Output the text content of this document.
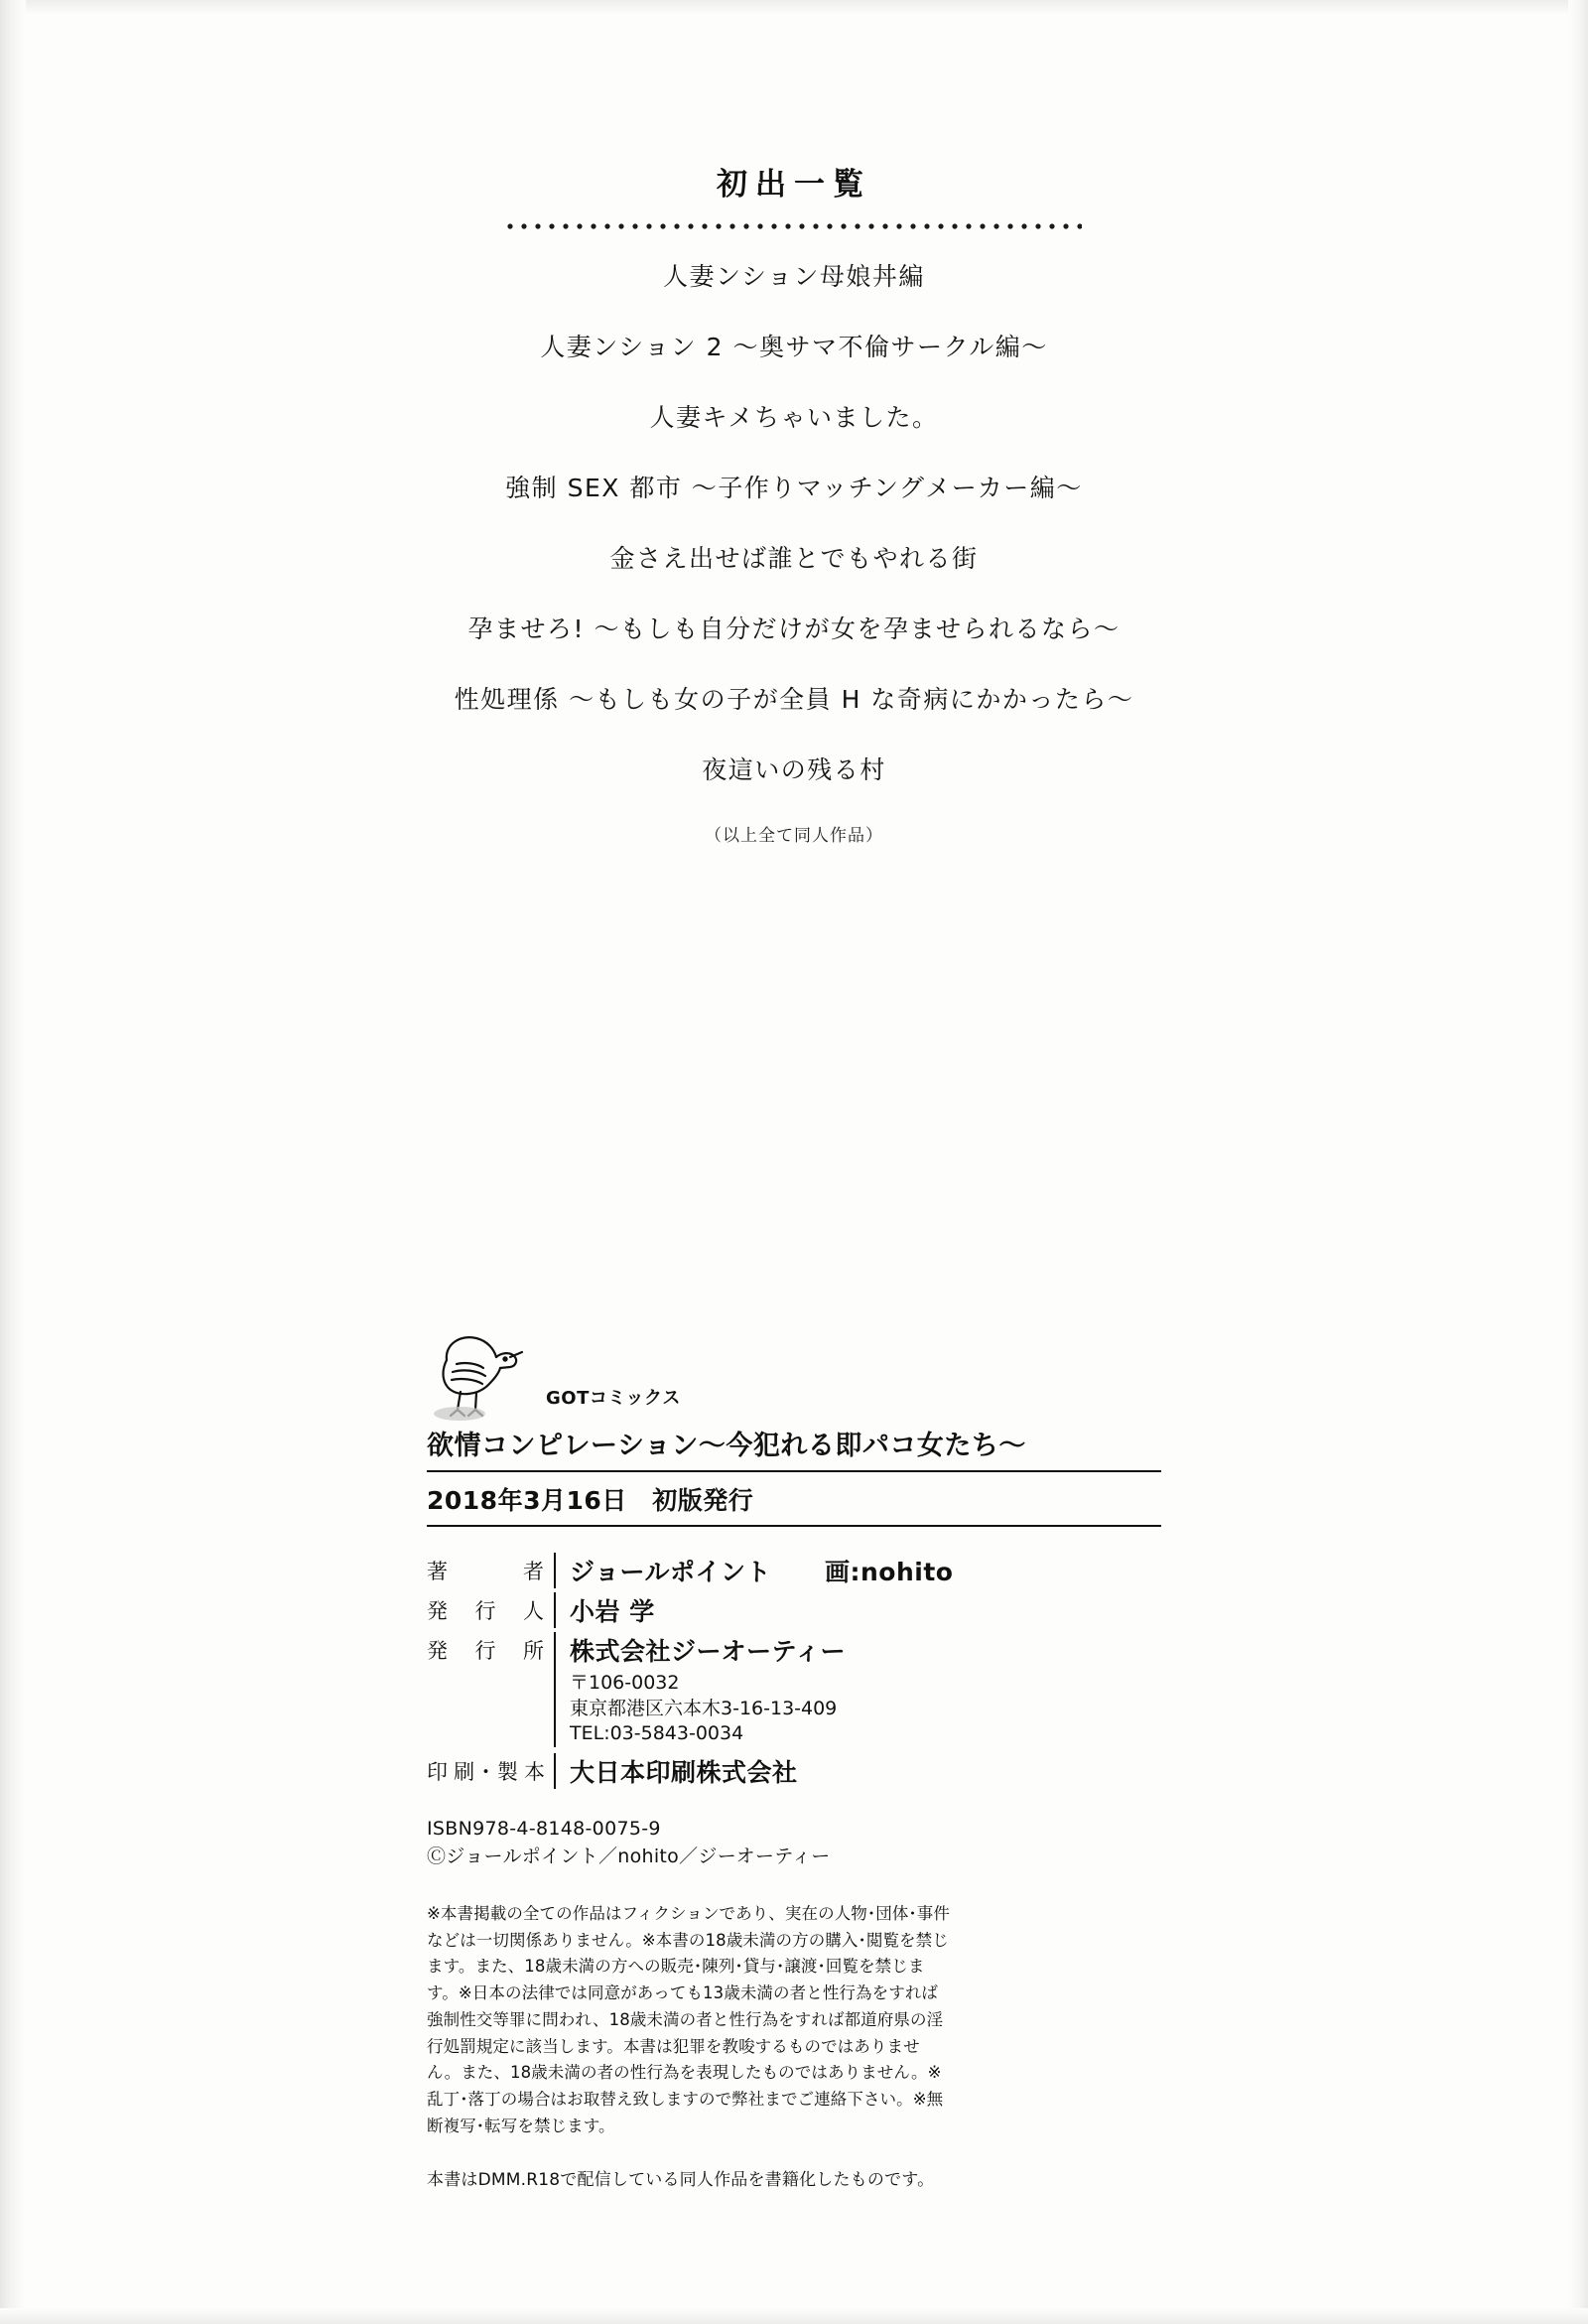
初出一覧

人妻ンション母娘丼編

人妻ンション 2 ～奥サマ不倫サークル編～

人妻キメちゃいました。

強制 SEX 都市 ～子作りマッチングメーカー編～

金さえ出せば誰とでもやれる街

孕ませろ! ～もしも自分だけが女を孕ませられるなら～

性処理係 ～もしも女の子が全員 H な奇病にかかったら～

夜這いの残る村

（以上全て同人作品）
GOTコミックス
欲情コンピレーション～今犯れる即パコ女たち～
2018年3月16日　初版発行
著　　者	ジョールポイント 画:nohito
発 行 人	小岩 学
発 行 所	株式会社ジーオーティー
〒106-0032
東京都港区六本木3-16-13-409
TEL:03-5843-0034
印刷･製本	大日本印刷株式会社
ISBN978-4-8148-0075-9
Ⓒジョールポイント／nohito／ジーオーティー
※本書掲載の全ての作品はフィクションであり、実在の人物･団体･事件などは一切関係ありません。※本書の18歳未満の方の購入･閲覧を禁じます。また、18歳未満の方への販売･陳列･貸与･譲渡･回覧を禁じます。※日本の法律では同意があっても13歳未満の者と性行為をすれば強制性交等罪に問われ、18歳未満の者と性行為をすれば都道府県の淫行処罰規定に該当します。本書は犯罪を教唆するものではありません。また、18歳未満の者の性行為を表現したものではありません。※乱丁･落丁の場合はお取替え致しますので弊社までご連絡下さい。※無断複写･転写を禁じます。
本書はDMM.R18で配信している同人作品を書籍化したものです。
